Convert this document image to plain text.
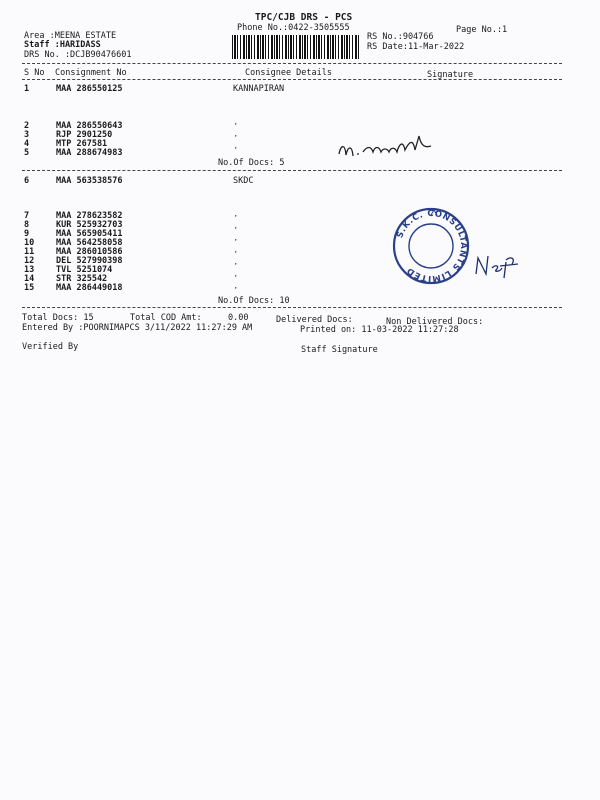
TPC/CJB DRS - PCS
Phone No.:0422-3505555	Page No.:1
Area :MEENA ESTATE
Staff :HARIDASS
DRS No. :DCJB90476601
RS No.:904766
RS Date:11-Mar-2022
S No Consignment No	Consignee Details	Signature
1	MAA 286550125	KANNAPIRAN
2	MAA 286550643
3	RJP 2901250
4	MTP 267581
5	MAA 288674983
·
·
·
No.Of Docs: 5
6	MAA 563538576	SKDC
7	MAA 278623582
8	KUR 525932703
9	MAA 565905411
10	MAA 564258058
11	MAA 286010586
12	DEL 527990398
13	TVL 5251074
14	STR 325542
15	MAA 286449018
·
·
·
·
·
·
·
No.Of Docs: 10
S.K.C. CONSULTANTS LIMITED
Total Docs: 15	Total COD Amt:	0.00	Delivered Docs:	Non Delivered Docs:
Entered By :POORNIMAPCS 3/11/2022 11:27:29 AM	Printed on: 11-03-2022 11:27:28
Verified By	Staff Signature
